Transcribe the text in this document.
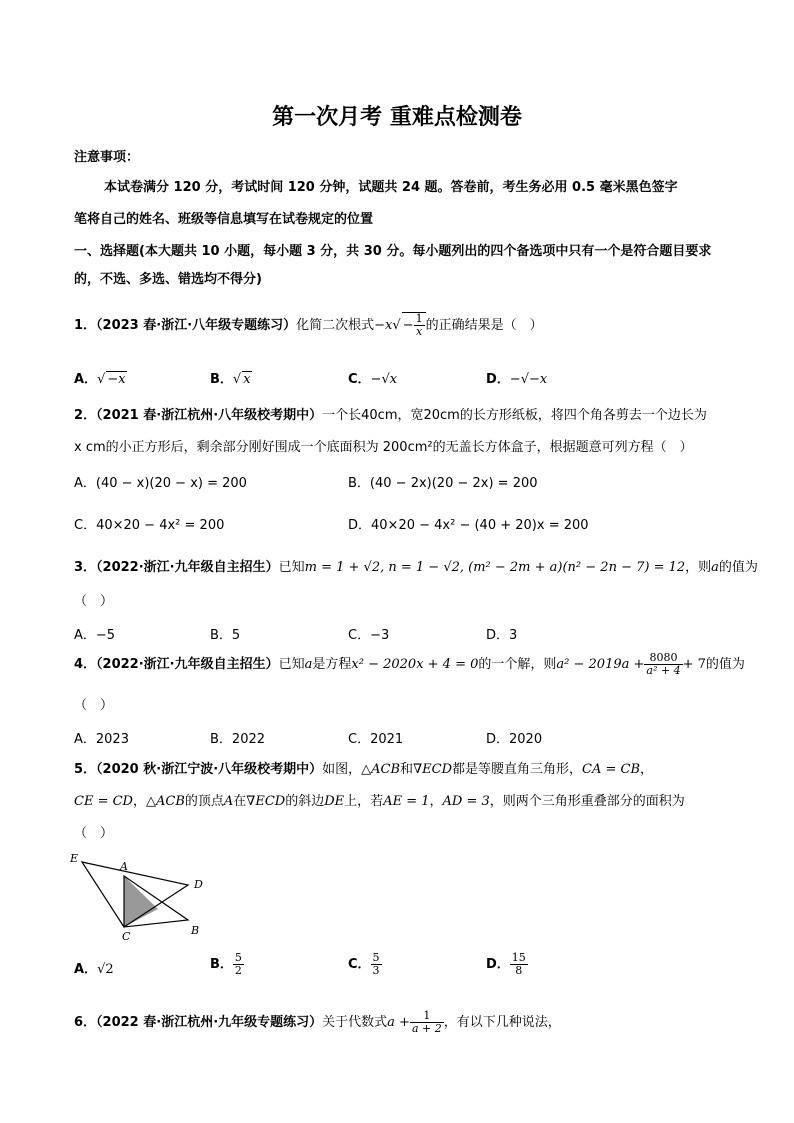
第一次月考 重难点检测卷
注意事项：
本试卷满分 120 分，考试时间 120 分钟，试题共 24 题。答卷前，考生务必用 0.5 毫米黑色签字
笔将自己的姓名、班级等信息填写在试卷规定的位置
一、选择题(本大题共 10 小题，每小题 3 分，共 30 分。每小题列出的四个备选项中只有一个是符合题目要求
的，不选、多选、错选均不得分)
1．（2023 春·浙江·八年级专题练习）化简二次根式$-x√ - \frac{1}{x}$ 的正确结果是（　）
A．√ −x	B．√ x	C．−√x	D．−√−x
2．（2021 春·浙江杭州·八年级校考期中）一个长40cm，宽20cm的长方形纸板，将四个角各剪去一个边长为
x cm的小正方形后，剩余部分刚好围成一个底面积为 200cm²的无盖长方体盒子，根据题意可列方程（　）
A．(40 − x)(20 − x) = 200	B．(40 − 2x)(20 − 2x) = 200
C．40×20 − 4x² = 200	D．40×20 − 4x² − (40 + 20)x = 200
3．（2022·浙江·九年级自主招生）已知m = 1 + √2, n = 1 − √2, (m² − 2m + a)(n² − 2n − 7) = 12，则a的值为
（　）
A．−5	B．5	C．−3	D．3
4．（2022·浙江·九年级自主招生）已知a是方程x² − 2020x + 4 = 0的一个解，则$a^2 - 2019a + \frac{8080}{\text{a² + 4}} + 7$的值为
（　）
A．2023	B．2022	C．2021	D．2020
5．（2020 秋·浙江宁波·八年级校考期中）如图，△ACB和∇ECD都是等腰直角三角形，CA = CB，
CE = CD，△ACB的顶点A在∇ECD的斜边DE上，若AE = 1，AD = 3，则两个三角形重叠部分的面积为
（　）
E
A
D
C	B
A．√2	B． $\frac{5}{2}$	C． $\frac{5}{3}$	D． $\frac{15}{8}$
6．（2022 春·浙江杭州·九年级专题练习）关于代数式$a + \frac{1}{a + 2}$ ，有以下几种说法，
